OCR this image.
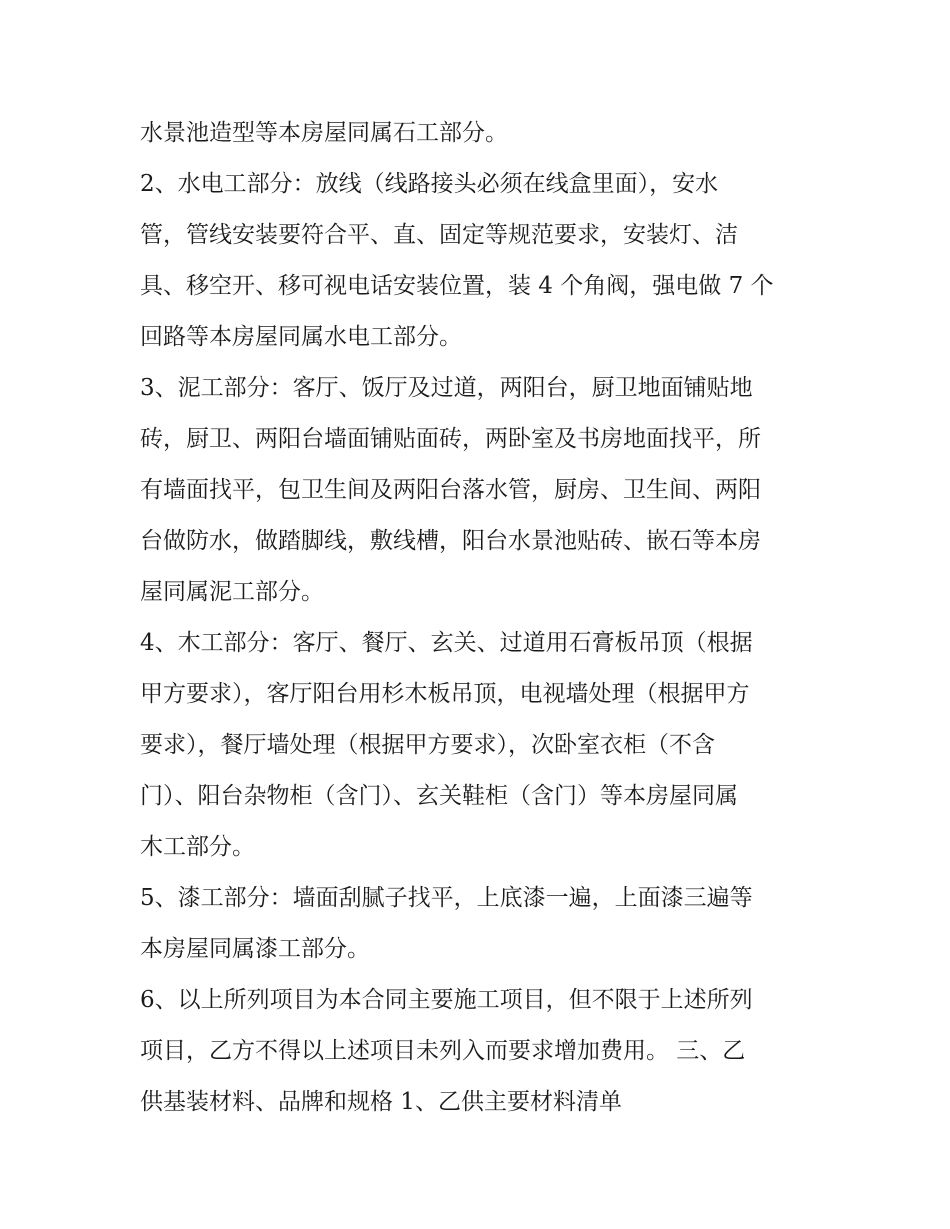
水景池造型等本房屋同属石工部分。
2、水电工部分：放线（线路接头必须在线盒里面），安水
管，管线安装要符合平、直、固定等规范要求，安装灯、洁
具、移空开、移可视电话安装位置，装 4 个角阀，强电做 7 个
回路等本房屋同属水电工部分。
3、泥工部分：客厅、饭厅及过道，两阳台，厨卫地面铺贴地
砖，厨卫、两阳台墙面铺贴面砖，两卧室及书房地面找平，所
有墙面找平，包卫生间及两阳台落水管，厨房、卫生间、两阳
台做防水，做踏脚线，敷线槽，阳台水景池贴砖、嵌石等本房
屋同属泥工部分。
4、木工部分：客厅、餐厅、玄关、过道用石膏板吊顶（根据
甲方要求），客厅阳台用杉木板吊顶，电视墙处理（根据甲方
要求），餐厅墙处理（根据甲方要求），次卧室衣柜（不含
门）、阳台杂物柜（含门）、玄关鞋柜（含门）等本房屋同属
木工部分。
5、漆工部分：墙面刮腻子找平，上底漆一遍，上面漆三遍等
本房屋同属漆工部分。
6、以上所列项目为本合同主要施工项目，但不限于上述所列
项目，乙方不得以上述项目未列入而要求增加费用。 三、乙
供基装材料、品牌和规格 1、乙供主要材料清单
